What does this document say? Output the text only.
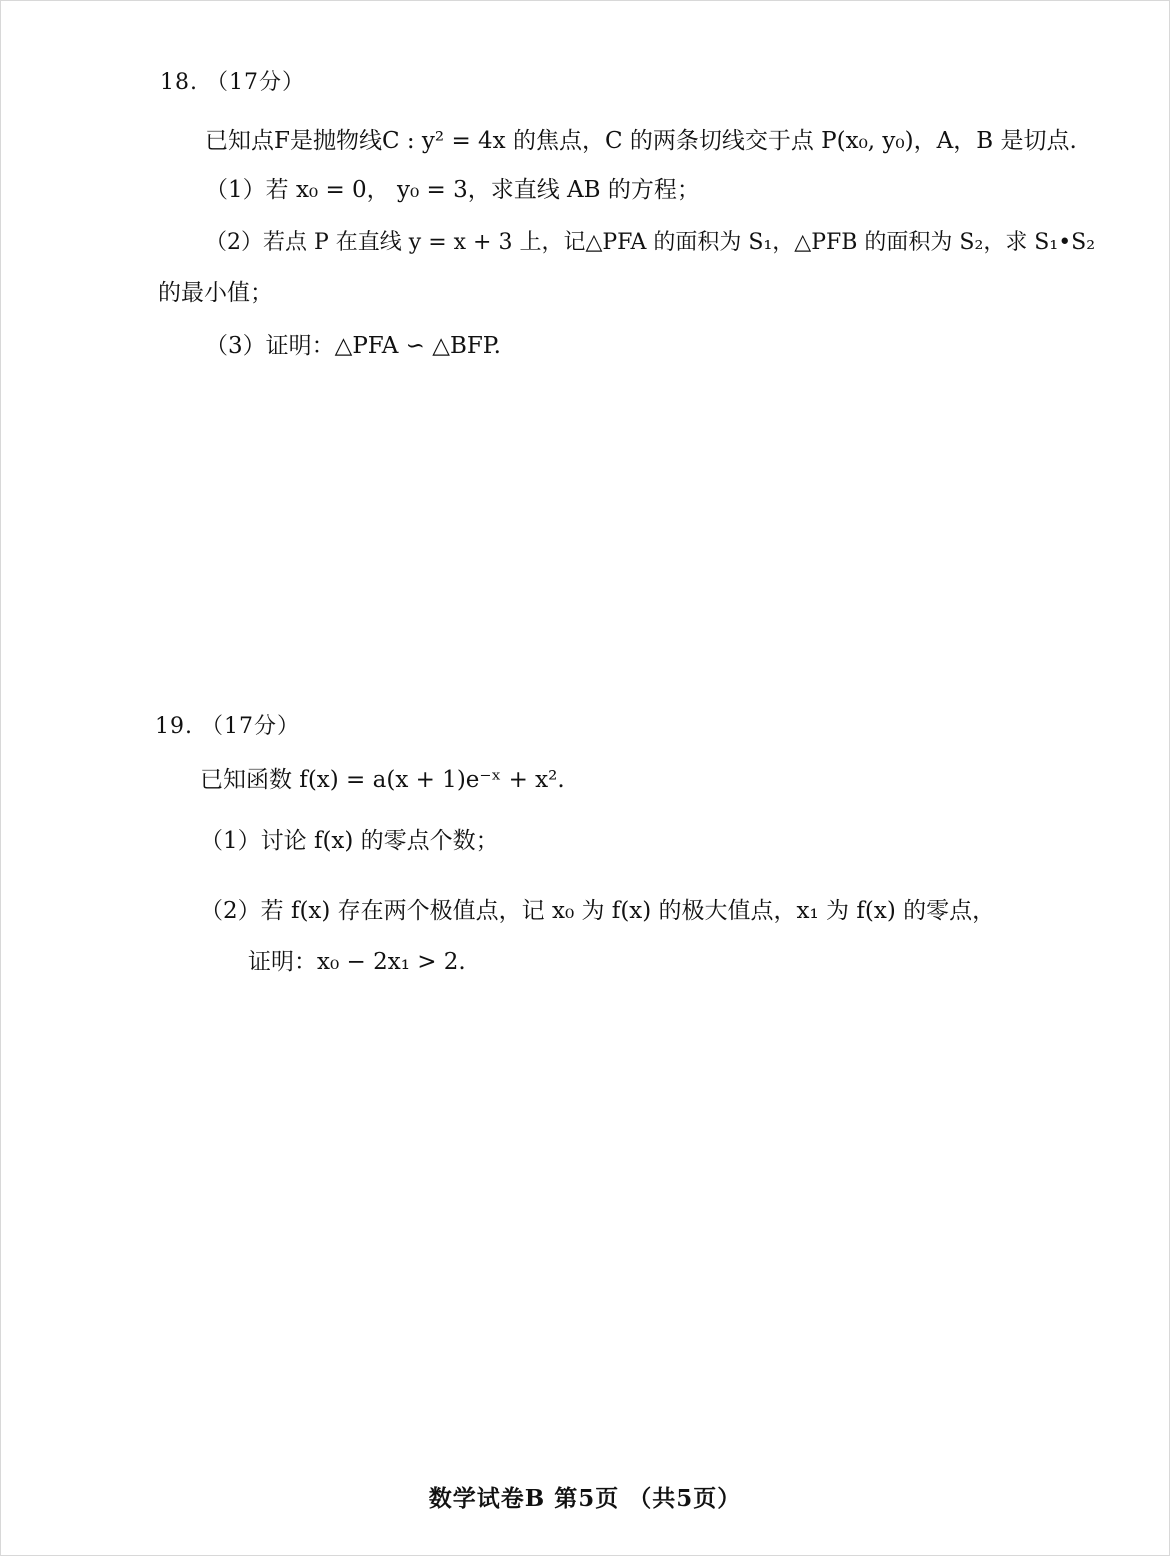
18. （17分）
已知点F是抛物线C : y² = 4x 的焦点，C 的两条切线交于点 P(x₀, y₀)，A，B 是切点.
（1）若 x₀ = 0， y₀ = 3，求直线 AB 的方程；
（2）若点 P 在直线 y = x + 3 上，记△PFA 的面积为 S₁，△PFB 的面积为 S₂，求 S₁•S₂
的最小值；
（3）证明：△PFA ∽ △BFP.
19. （17分）
已知函数 f(x) = a(x + 1)e⁻ˣ + x².
（1）讨论 f(x) 的零点个数；
（2）若 f(x) 存在两个极值点，记 x₀ 为 f(x) 的极大值点，x₁ 为 f(x) 的零点，
证明：x₀ − 2x₁ > 2.
数学试卷B 第5页 （共5页）
